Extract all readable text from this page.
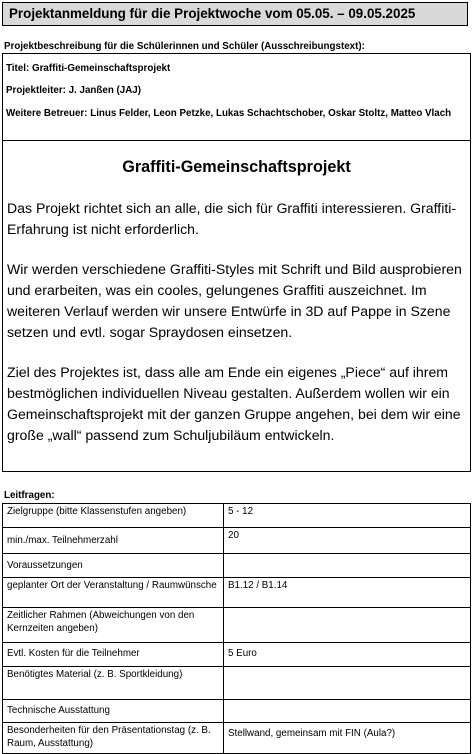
Projektanmeldung für die Projektwoche vom 05.05. – 09.05.2025
Projektbeschreibung für die Schülerinnen und Schüler (Ausschreibungstext):
Titel: Graffiti-Gemeinschaftsprojekt
Projektleiter: J. Janßen (JAJ)
Weitere Betreuer: Linus Felder, Leon Petzke, Lukas Schachtschober, Oskar Stoltz, Matteo Vlach
Graffiti-Gemeinschaftsprojekt

Das Projekt richtet sich an alle, die sich für Graffiti interessieren. Graffiti-Erfahrung ist nicht erforderlich.

Wir werden verschiedene Graffiti-Styles mit Schrift und Bild ausprobieren und erarbeiten, was ein cooles, gelungenes Graffiti auszeichnet. Im weiteren Verlauf werden wir unsere Entwürfe in 3D auf Pappe in Szene setzen und evtl. sogar Spraydosen einsetzen.

Ziel des Projektes ist, dass alle am Ende ein eigenes „Piece“ auf ihrem bestmöglichen individuellen Niveau gestalten. Außerdem wollen wir ein Gemeinschaftsprojekt mit der ganzen Gruppe angehen, bei dem wir eine große „wall“ passend zum Schuljubiläum entwickeln.

Leitfragen:
Zielgruppe (bitte Klassenstufen angeben)	5 - 12
min./max. Teilnehmerzahl	20
Voraussetzungen	
geplanter Ort der Veranstaltung / Raumwünsche	B1.12 / B1.14
Zeitlicher Rahmen (Abweichungen von den Kernzeiten angeben)	
Evtl. Kosten für die Teilnehmer	5 Euro
Benötigtes Material (z. B. Sportkleidung)	
Technische Ausstattung	
Besonderheiten für den Präsentationstag (z. B. Raum, Ausstattung)	Stellwand, gemeinsam mit FIN (Aula?)
